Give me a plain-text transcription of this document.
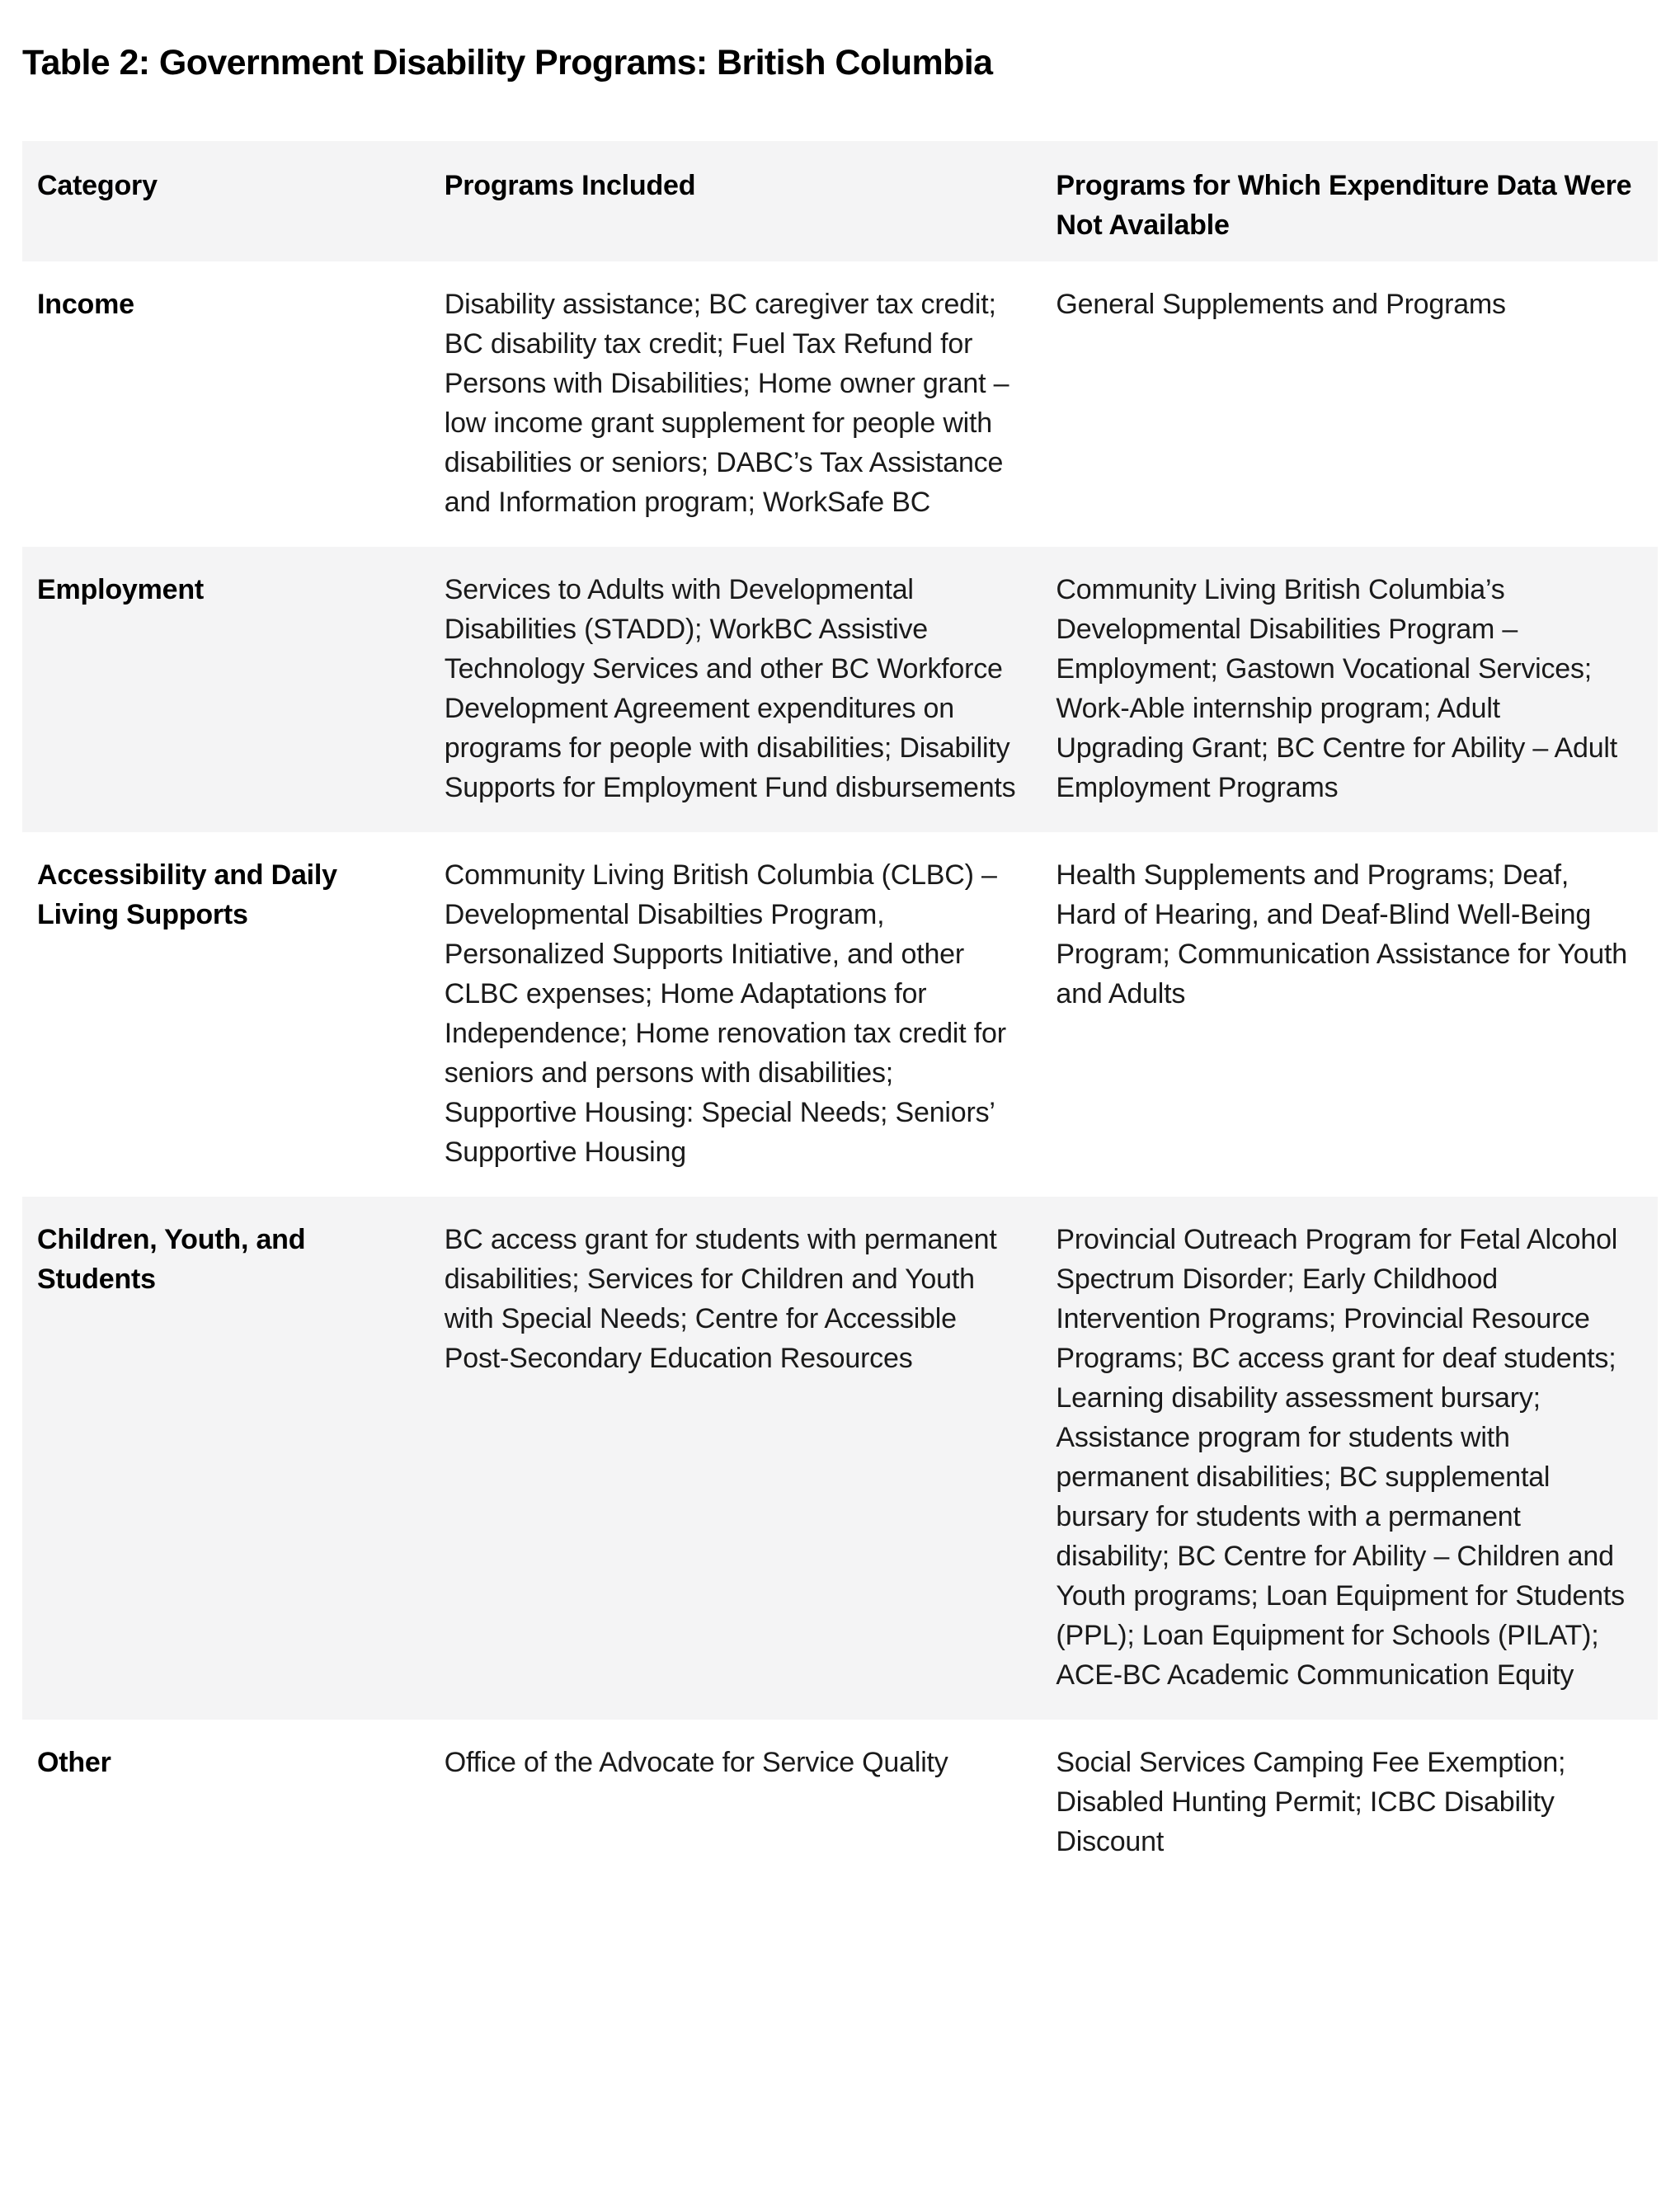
Table 2: Government Disability Programs: British Columbia
Category	Programs Included	Programs for Which Expenditure Data Were Not Available
Income	Disability assistance; BC caregiver tax credit; BC disability tax credit; Fuel Tax Refund for Persons with Disabilities; Home owner grant – low income grant supplement for people with disabilities or seniors; DABC’s Tax Assistance and Information program; WorkSafe BC	General Supplements and Programs
Employment	Services to Adults with Developmental Disabilities (STADD); WorkBC Assistive Technology Services and other BC Workforce Development Agreement expenditures on programs for people with disabilities; Disability Supports for Employment Fund disbursements	Community Living British Columbia’s Developmental Disabilities Program – Employment; Gastown Vocational Services; Work-Able internship program; Adult Upgrading Grant; BC Centre for Ability – Adult Employment Programs
Accessibility and Daily Living Supports	Community Living British Columbia (CLBC) – Developmental Disabilties Program, Personalized Supports Initiative, and other CLBC expenses; Home Adaptations for Independence; Home renovation tax credit for seniors and persons with disabilities; Supportive Housing: Special Needs; Seniors’ Supportive Housing	Health Supplements and Programs; Deaf, Hard of Hearing, and Deaf-Blind Well-Being Program; Communication Assistance for Youth and Adults
Children, Youth, and Students	BC access grant for students with permanent disabilities; Services for Children and Youth with Special Needs; Centre for Accessible Post-Secondary Education Resources	Provincial Outreach Program for Fetal Alcohol Spectrum Disorder; Early Childhood Intervention Programs; Provincial Resource Programs; BC access grant for deaf students; Learning disability assessment bursary; Assistance program for students with permanent disabilities; BC supplemental bursary for students with a permanent disability; BC Centre for Ability – Children and Youth programs; Loan Equipment for Students (PPL); Loan Equipment for Schools (PILAT); ACE-BC Academic Communication Equity
Other	Office of the Advocate for Service Quality	Social Services Camping Fee Exemption; Disabled Hunting Permit; ICBC Disability Discount
